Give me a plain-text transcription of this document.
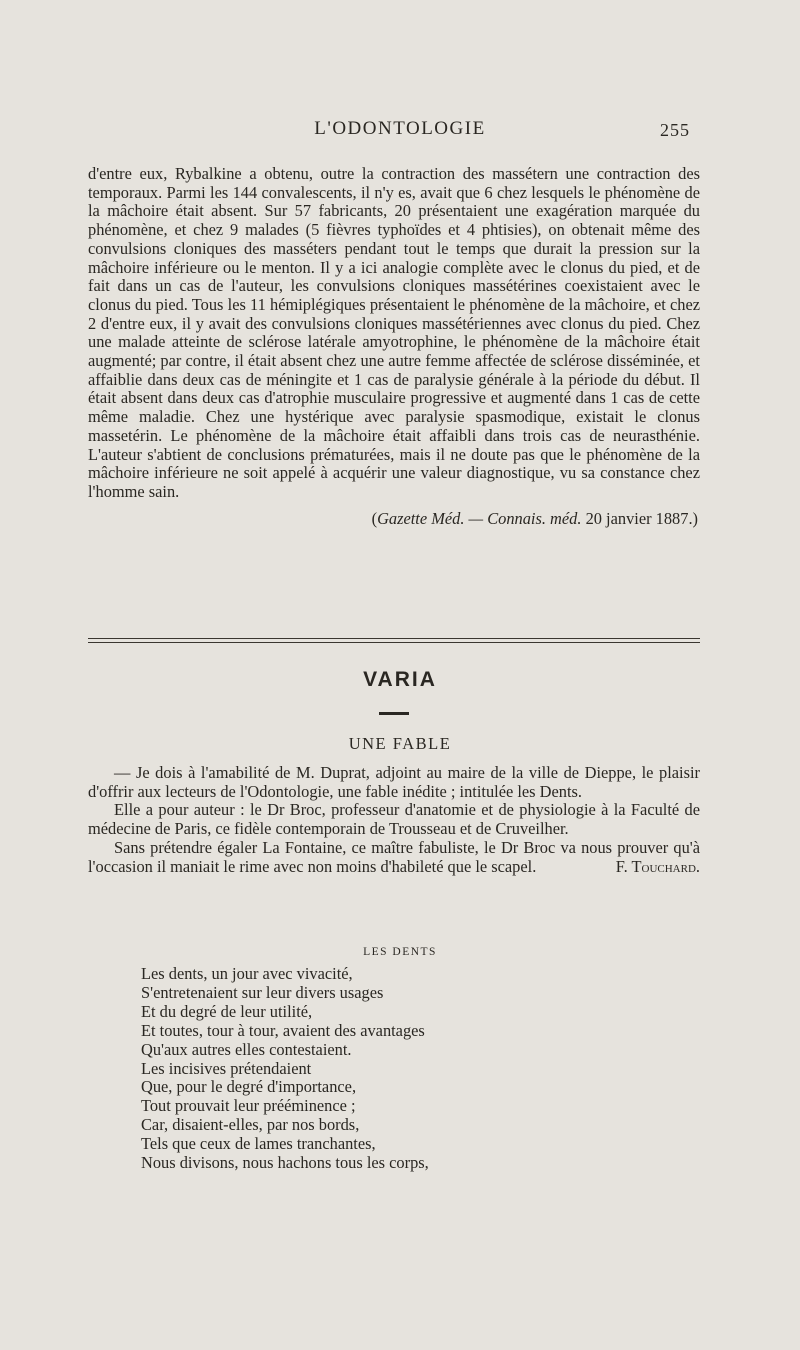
L'ODONTOLOGIE	255

d'entre eux, Rybalkine a obtenu, outre la contraction des massétern une contraction des temporaux. Parmi les 144 convalescents, il n'y es, avait que 6 chez lesquels le phénomène de la mâchoire était absent. Sur 57 fabricants, 20 présentaient une exagération marquée du phénomène, et chez 9 malades (5 fièvres typhoïdes et 4 phtisies), on obtenait même des convulsions cloniques des masséters pendant tout le temps que durait la pression sur la mâchoire inférieure ou le menton. Il y a ici analogie complète avec le clonus du pied, et de fait dans un cas de l'auteur, les convulsions cloniques massétérines coexistaient avec le clonus du pied. Tous les 11 hémiplégiques présentaient le phénomène de la mâchoire, et chez 2 d'entre eux, il y avait des convulsions cloniques massétériennes avec clonus du pied. Chez une malade atteinte de sclérose latérale amyotrophine, le phénomène de la mâchoire était augmenté; par contre, il était absent chez une autre femme affectée de sclérose disséminée, et affaiblie dans deux cas de méningite et 1 cas de paralysie générale à la période du début. Il était absent dans deux cas d'atrophie musculaire progressive et augmenté dans 1 cas de cette même maladie. Chez une hystérique avec paralysie spasmodique, existait le clonus massetérin. Le phénomène de la mâchoire était affaibli dans trois cas de neurasthénie. L'auteur s'abtient de conclusions prématurées, mais il ne doute pas que le phénomène de la mâchoire inférieure ne soit appelé à acquérir une valeur diagnostique, vu sa constance chez l'homme sain.

(Gazette Méd. — Connais. méd. 20 janvier 1887.)
VARIA
UNE FABLE

— Je dois à l'amabilité de M. Duprat, adjoint au maire de la ville de Dieppe, le plaisir d'offrir aux lecteurs de l'Odontologie, une fable inédite ; intitulée les Dents.

Elle a pour auteur : le Dr Broc, professeur d'anatomie et de physiologie à la Faculté de médecine de Paris, ce fidèle contemporain de Trousseau et de Cruveilher.

Sans prétendre égaler La Fontaine, ce maître fabuliste, le Dr Broc va nous prouver qu'à l'occasion il maniait le rime avec non moins d'habileté que le scapel.	F. Touchard.

LES DENTS
Les dents, un jour avec vivacité,
S'entretenaient sur leur divers usages
Et du degré de leur utilité,
Et toutes, tour à tour, avaient des avantages
Qu'aux autres elles contestaient.
Les incisives prétendaient
Que, pour le degré d'importance,
Tout prouvait leur prééminence ;
Car, disaient-elles, par nos bords,
Tels que ceux de lames tranchantes,
Nous divisons, nous hachons tous les corps,
